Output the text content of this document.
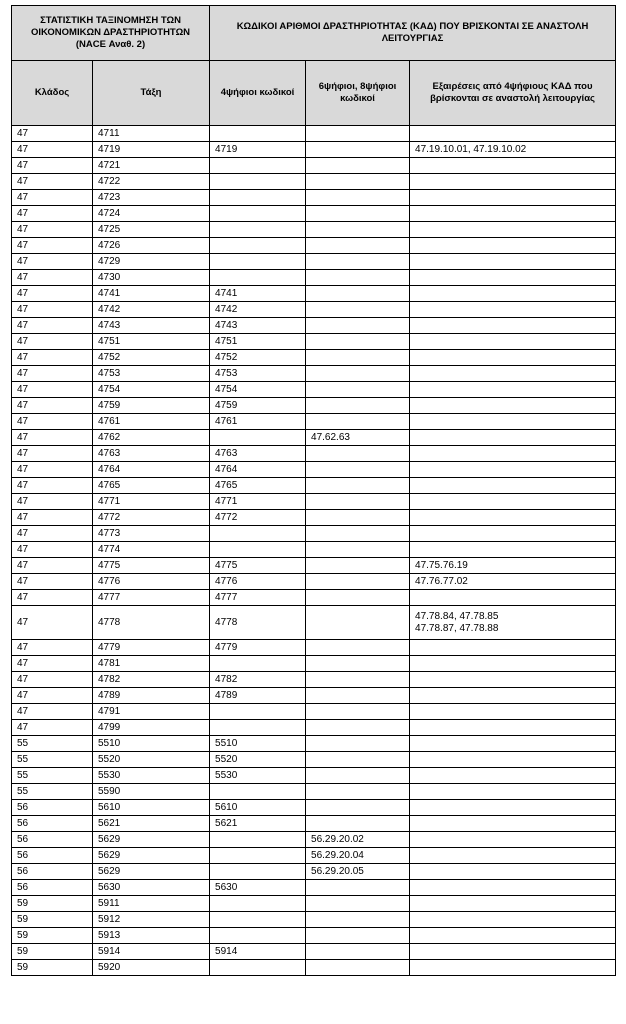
ΣΤΑΤΙΣΤΙΚΗ ΤΑΞΙΝΟΜΗΣΗ ΤΩΝ ΟΙΚΟΝΟΜΙΚΩΝ ΔΡΑΣΤΗΡΙΟΤΗΤΩΝ (NACE Αναθ. 2)		ΚΩΔΙΚΟΙ ΑΡΙΘΜΟΙ ΔΡΑΣΤΗΡΙΟΤΗΤΑΣ (ΚΑΔ) ΠΟΥ ΒΡΙΣΚΟΝΤΑΙ ΣΕ ΑΝΑΣΤΟΛΗ ΛΕΙΤΟΥΡΓΙΑΣ		
Κλάδος	Τάξη	4ψήφιοι κωδικοί	6ψήφιοι, 8ψήφιοι κωδικοί	Εξαιρέσεις από 4ψήφιους ΚΑΔ που βρίσκονται σε αναστολή λειτουργίας
47	4711			
47	4719	4719		47.19.10.01, 47.19.10.02
47	4721			
47	4722			
47	4723			
47	4724			
47	4725			
47	4726			
47	4729			
47	4730			
47	4741	4741		
47	4742	4742		
47	4743	4743		
47	4751	4751		
47	4752	4752		
47	4753	4753		
47	4754	4754		
47	4759	4759		
47	4761	4761		
47	4762		47.62.63	
47	4763	4763		
47	4764	4764		
47	4765	4765		
47	4771	4771		
47	4772	4772		
47	4773			
47	4774			
47	4775	4775		47.75.76.19
47	4776	4776		47.76.77.02
47	4777	4777		
47	4778	4778		47.78.84, 47.78.85
47.78.87, 47.78.88

47	4779	4779		
47	4781			
47	4782	4782		
47	4789	4789		
47	4791			
47	4799			
55	5510	5510		
55	5520	5520		
55	5530	5530		
55	5590			
56	5610	5610		
56	5621	5621		
56	5629		56.29.20.02	
56	5629		56.29.20.04	
56	5629		56.29.20.05	
56	5630	5630		
59	5911			
59	5912			
59	5913			
59	5914	5914		
59	5920			
